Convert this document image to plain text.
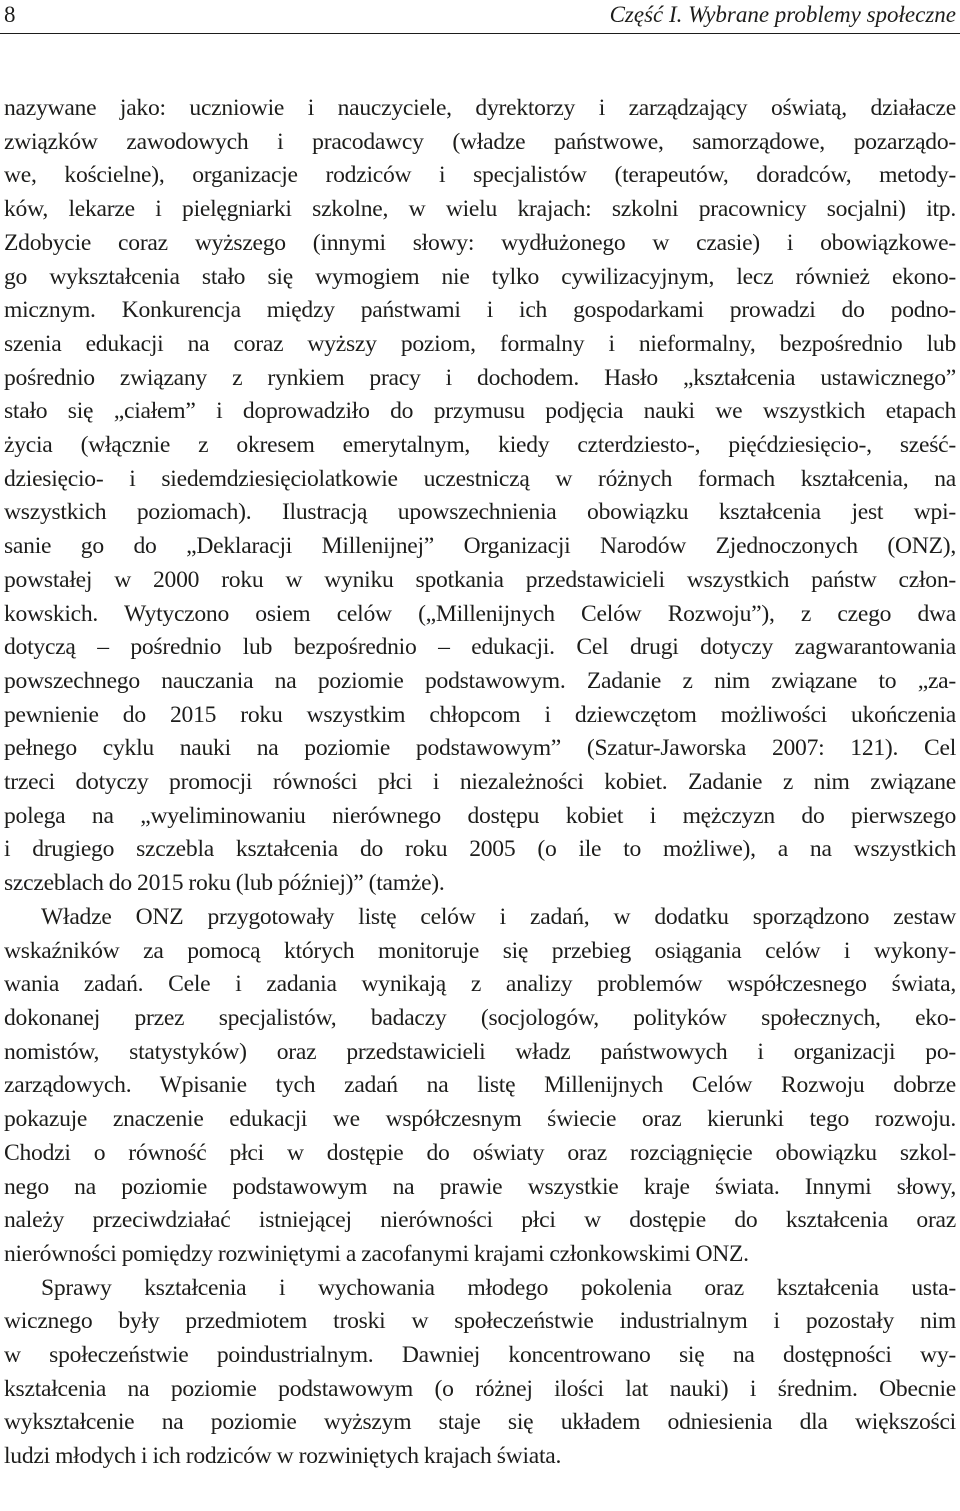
8	Część I. Wybrane problemy społeczne

nazywane jako: uczniowie i nauczyciele, dyrektorzy i zarządzający oświatą, działacze
związków zawodowych i pracodawcy (władze państwowe, samorządowe, pozarządo-
we, kościelne), organizacje rodziców i specjalistów (terapeutów, doradców, metody-
ków, lekarze i pielęgniarki szkolne, w wielu krajach: szkolni pracownicy socjalni) itp.
Zdobycie coraz wyższego (innymi słowy: wydłużonego w czasie) i obowiązkowe-
go wykształcenia stało się wymogiem nie tylko cywilizacyjnym, lecz również ekono-
micznym. Konkurencja między państwami i ich gospodarkami prowadzi do podno-
szenia edukacji na coraz wyższy poziom, formalny i nieformalny, bezpośrednio lub
pośrednio związany z rynkiem pracy i dochodem. Hasło „kształcenia ustawicznego”
stało się „ciałem” i doprowadziło do przymusu podjęcia nauki we wszystkich etapach
życia (włącznie z okresem emerytalnym, kiedy czterdziesto-, pięćdziesięcio-, sześć-
dziesięcio- i siedemdziesięciolatkowie uczestniczą w różnych formach kształcenia, na
wszystkich poziomach). Ilustracją upowszechnienia obowiązku kształcenia jest wpi-
sanie go do „Deklaracji Millenijnej” Organizacji Narodów Zjednoczonych (ONZ),
powstałej w 2000 roku w wyniku spotkania przedstawicieli wszystkich państw człon-
kowskich. Wytyczono osiem celów („Millenijnych Celów Rozwoju”), z czego dwa
dotyczą – pośrednio lub bezpośrednio – edukacji. Cel drugi dotyczy zagwarantowania
powszechnego nauczania na poziomie podstawowym. Zadanie z nim związane to „za-
pewnienie do 2015 roku wszystkim chłopcom i dziewczętom możliwości ukończenia
pełnego cyklu nauki na poziomie podstawowym” (Szatur-Jaworska 2007: 121). Cel
trzeci dotyczy promocji równości płci i niezależności kobiet. Zadanie z nim związane
polega na „wyeliminowaniu nierównego dostępu kobiet i mężczyzn do pierwszego
i drugiego szczebla kształcenia do roku 2005 (o ile to możliwe), a na wszystkich
szczeblach do 2015 roku (lub później)” (tamże).

Władze ONZ przygotowały listę celów i zadań, w dodatku sporządzono zestaw
wskaźników za pomocą których monitoruje się przebieg osiągania celów i wykony-
wania zadań. Cele i zadania wynikają z analizy problemów współczesnego świata,
dokonanej przez specjalistów, badaczy (socjologów, polityków społecznych, eko-
nomistów, statystyków) oraz przedstawicieli władz państwowych i organizacji po-
zarządowych. Wpisanie tych zadań na listę Millenijnych Celów Rozwoju dobrze
pokazuje znaczenie edukacji we współczesnym świecie oraz kierunki tego rozwoju.
Chodzi o równość płci w dostępie do oświaty oraz rozciągnięcie obowiązku szkol-
nego na poziomie podstawowym na prawie wszystkie kraje świata. Innymi słowy,
należy przeciwdziałać istniejącej nierówności płci w dostępie do kształcenia oraz
nierówności pomiędzy rozwiniętymi a zacofanymi krajami członkowskimi ONZ.

Sprawy kształcenia i wychowania młodego pokolenia oraz kształcenia usta-
wicznego były przedmiotem troski w społeczeństwie industrialnym i pozostały nim
w społeczeństwie poindustrialnym. Dawniej koncentrowano się na dostępności wy-
kształcenia na poziomie podstawowym (o różnej ilości lat nauki) i średnim. Obecnie
wykształcenie na poziomie wyższym staje się układem odniesienia dla większości
ludzi młodych i ich rodziców w rozwiniętych krajach świata.
